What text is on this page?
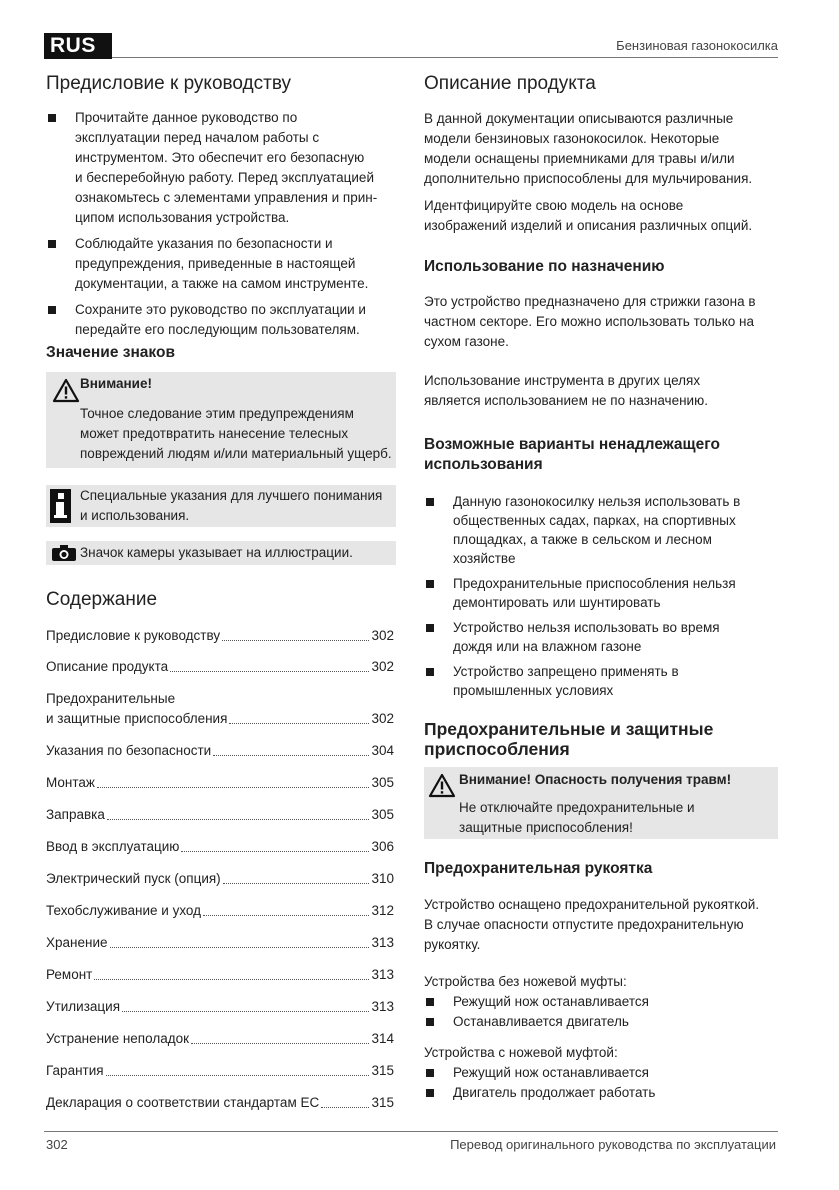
RUS	Бензиновая газонокосилка
Предисловие к руководству
Прочитайте данное руководство по
эксплуатации перед началом работы с
инструментом. Это обеспечит его безопасную
и бесперебойную работу. Перед эксплуатацией
ознакомьтесь с элементами управления и прин-
ципом использования устройства.
Соблюдайте указания по безопасности и
предупреждения, приведенные в настоящей
документации, а также на самом инструменте.
Сохраните это руководство по эксплуатации и
передайте его последующим пользователям.
Значение знаков
Внимание!
Точное следование этим предупреждениям
может предотвратить нанесение телесных
повреждений людям и/или материальный ущерб.
Специальные указания для лучшего понимания
и использования.
Значок камеры указывает на иллюстрации.
Содержание
Предисловие к руководству	302
Описание продукта	302
Предохранительные
и защитные приспособления	302
Указания по безопасности	304
Монтаж	305
Заправка	305
Ввод в эксплуатацию	306
Электрический пуск (опция)	310
Техобслуживание и уход	312
Хранение	313
Ремонт	313
Утилизация	313
Устранение неполадок	314
Гарантия	315
Декларация о соответствии стандартам ЕС	315
Описание продукта
В данной документации описываются различные
модели бензиновых газонокосилок. Некоторые
модели оснащены приемниками для травы и/или
дополнительно приспособлены для мульчирования.
Идентфицируйте свою модель на основе
изображений изделий и описания различных опций.
Использование по назначению
Это устройство предназначено для стрижки газона в
частном секторе. Его можно использовать только на
сухом газоне.
Использование инструмента в других целях
является использованием не по назначению.
Возможные варианты ненадлежащего
использования
Данную газонокосилку нельзя использовать в
общественных садах, парках, на спортивных
площадках, а также в сельском и лесном
хозяйстве
Предохранительные приспособления нельзя
демонтировать или шунтировать
Устройство нельзя использовать во время
дождя или на влажном газоне
Устройство запрещено применять в
промышленных условиях
Предохранительные и защитные
приспособления
Внимание! Опасность получения травм!
Не отключайте предохранительные и
защитные приспособления!
Предохранительная рукоятка
Устройство оснащено предохранительной рукояткой.
В случае опасности отпустите предохранительную
рукоятку.
Устройства без ножевой муфты:
Режущий нож останавливается
Останавливается двигатель
Устройства с ножевой муфтой:
Режущий нож останавливается
Двигатель продолжает работать
302	Перевод оригинального руководства по эксплуатации
